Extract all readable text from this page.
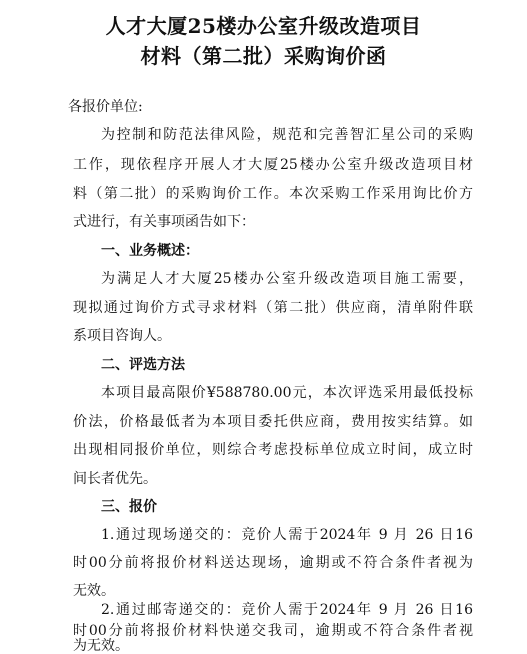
人才大厦25楼办公室升级改造项目
材料（第二批）采购询价函
各报价单位:
为控制和防范法律风险，规范和完善智汇星公司的采购
工作，现依程序开展人才大厦25楼办公室升级改造项目材
料（第二批）的采购询价工作。本次采购工作采用询比价方
式进行，有关事项函告如下：
一、业务概述：
为满足人才大厦25楼办公室升级改造项目施工需要，
现拟通过询价方式寻求材料（第二批）供应商，清单附件联
系项目咨询人。
二、评选方法
本项目最高限价¥588780.00元，本次评选采用最低投标
价法，价格最低者为本项目委托供应商，费用按实结算。如
出现相同报价单位，则综合考虑投标单位成立时间，成立时
间长者优先。
三、报价
1.通过现场递交的：竞价人需于2024年 9 月 26 日16
时00分前将报价材料送达现场，逾期或不符合条件者视为
无效。
2.通过邮寄递交的：竞价人需于2024年 9 月 26 日16
时00分前将报价材料快递交我司，逾期或不符合条件者视
为无效。
